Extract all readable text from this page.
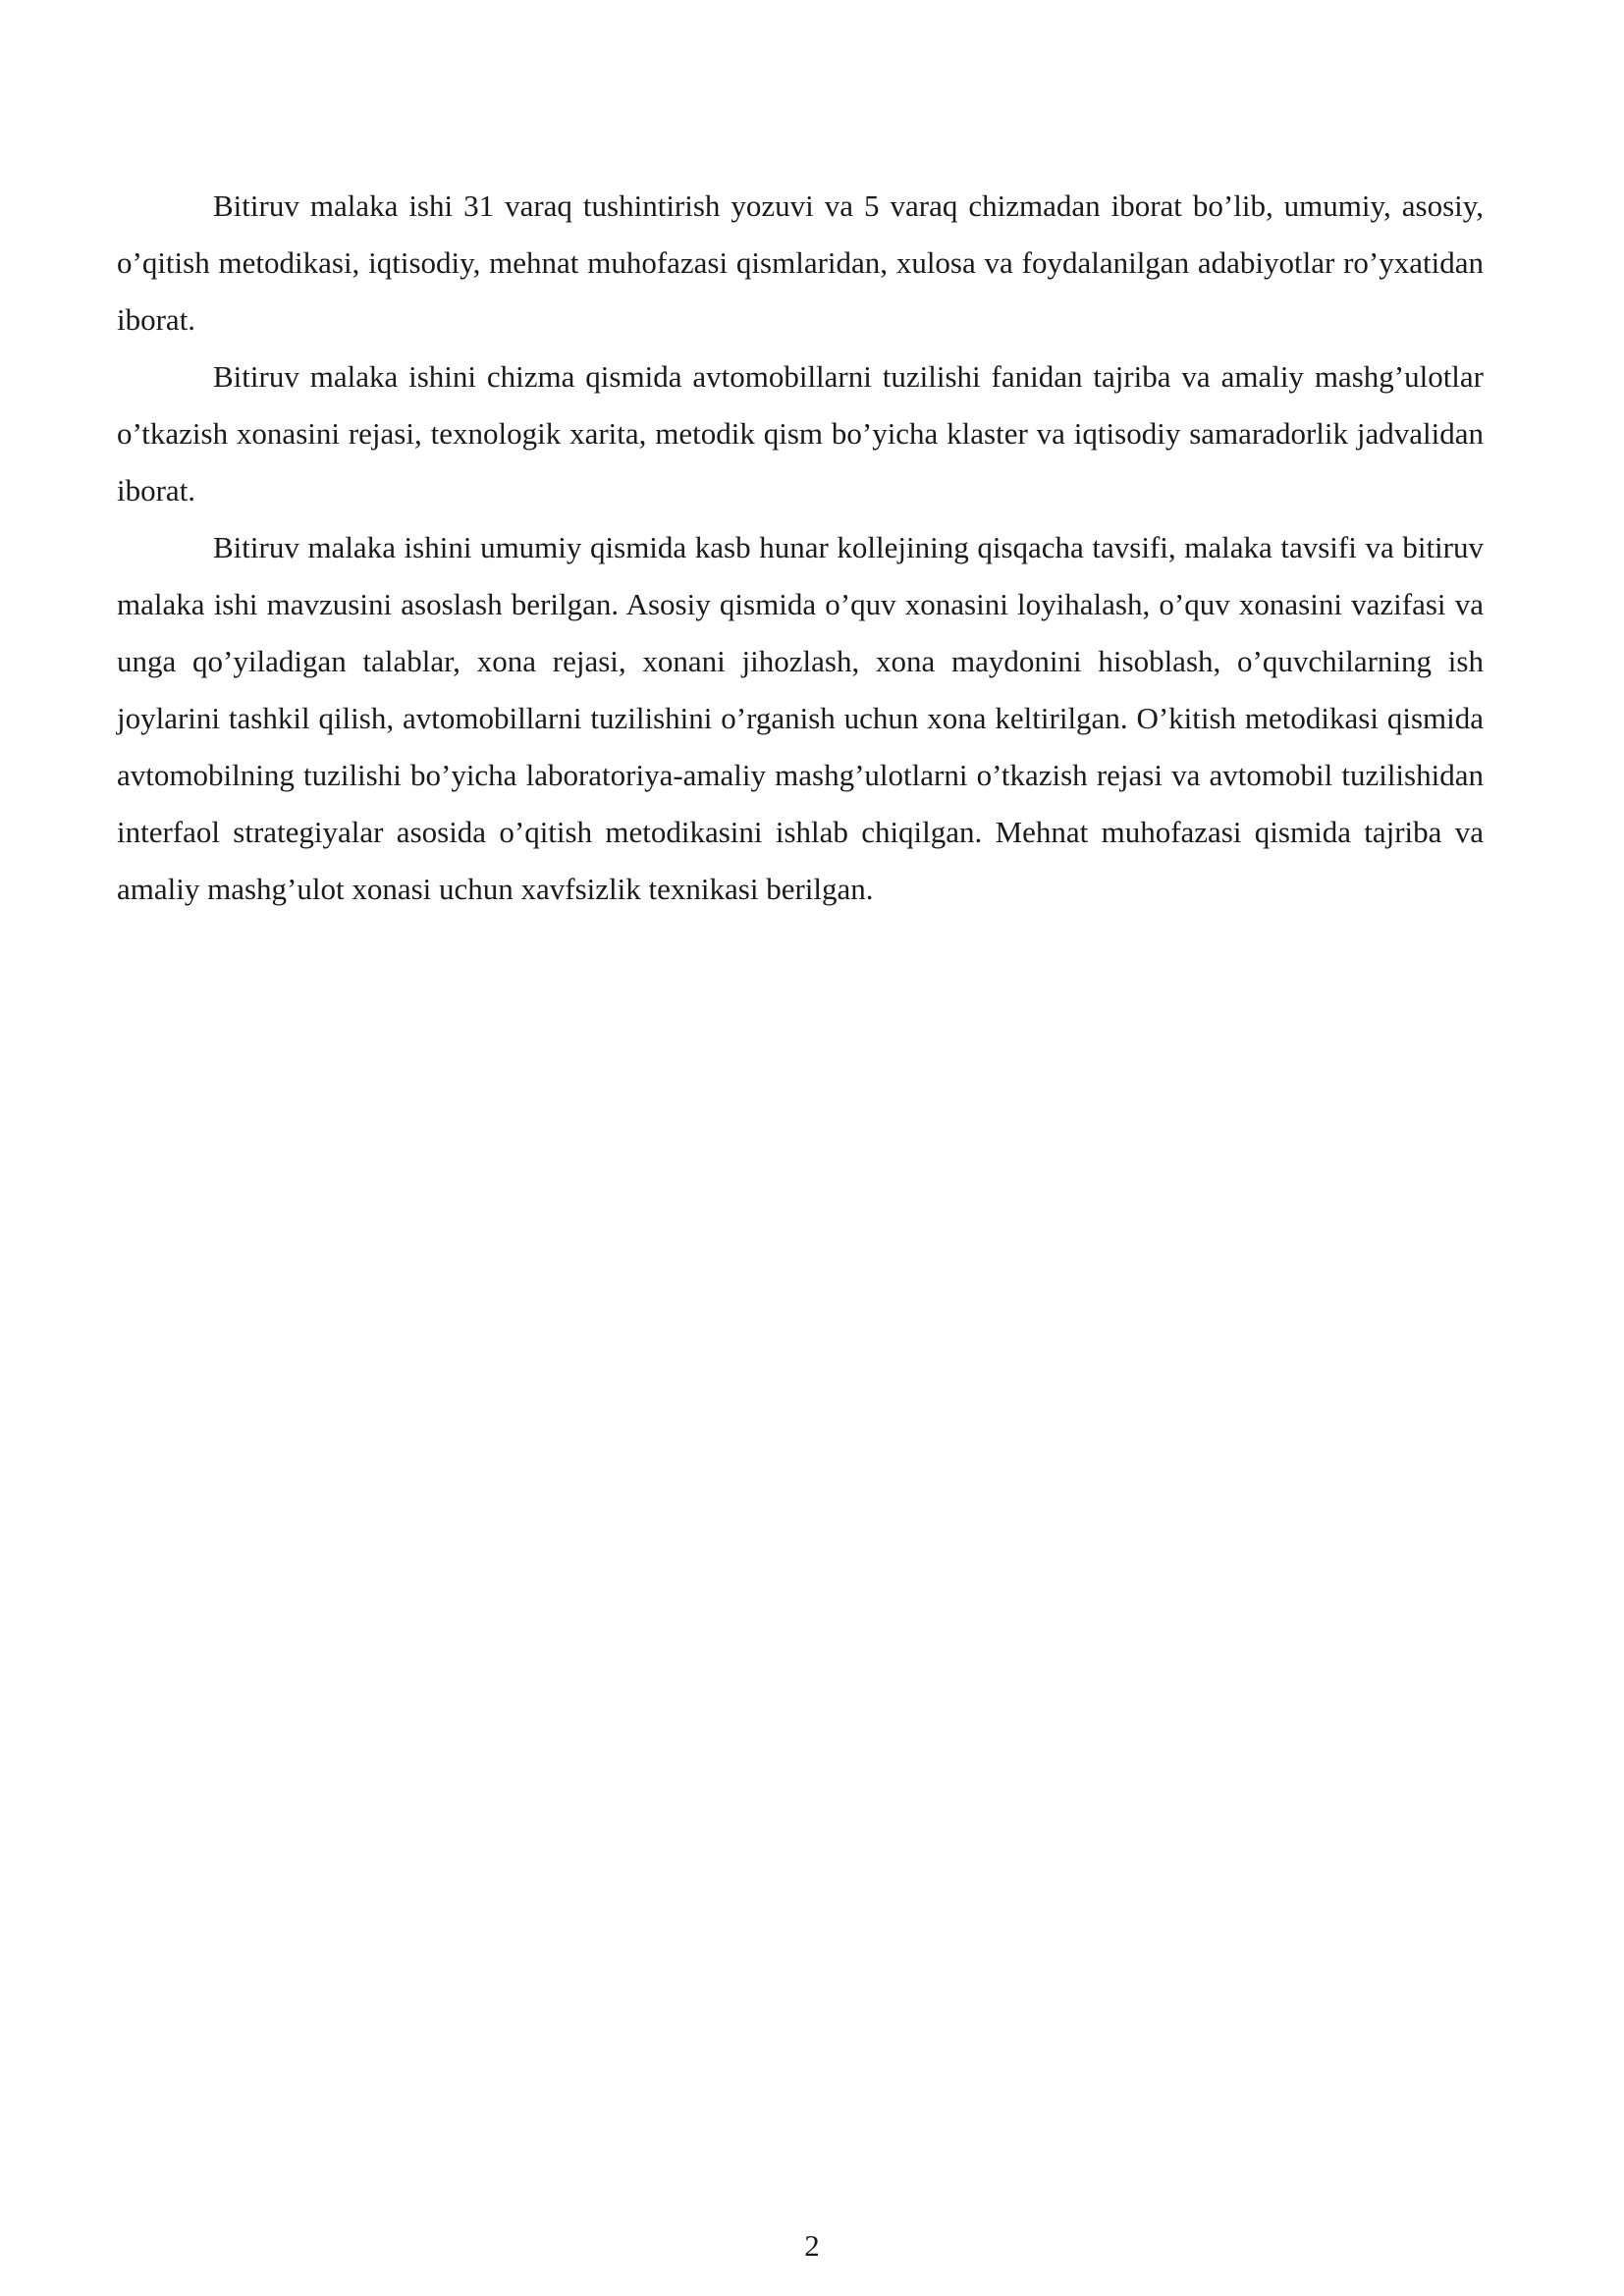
Bitiruv malaka ishi 31 varaq tushintirish yozuvi va 5 varaq chizmadan iborat bo’lib, umumiy, asosiy, o’qitish metodikasi, iqtisodiy, mehnat muhofazasi qismlaridan, xulosa va foydalanilgan adabiyotlar ro’yxatidan iborat.

Bitiruv malaka ishini chizma qismida avtomobillarni tuzilishi fanidan tajriba va amaliy mashg’ulotlar o’tkazish xonasini rejasi, texnologik xarita, metodik qism bo’yicha klaster va iqtisodiy samaradorlik jadvalidan iborat.

Bitiruv malaka ishini umumiy qismida kasb hunar kollejining qisqacha tavsifi, malaka tavsifi va bitiruv malaka ishi mavzusini asoslash berilgan. Asosiy qismida o’quv xonasini loyihalash, o’quv xonasini vazifasi va unga qo’yiladigan talablar, xona rejasi, xonani jihozlash, xona maydonini hisoblash, o’quvchilarning ish joylarini tashkil qilish, avtomobillarni tuzilishini o’rganish uchun xona keltirilgan. O’kitish metodikasi qismida avtomobilning tuzilishi bo’yicha laboratoriya-amaliy mashg’ulotlarni o’tkazish rejasi va avtomobil tuzilishidan interfaol strategiyalar asosida o’qitish metodikasini ishlab chiqilgan. Mehnat muhofazasi qismida tajriba va amaliy mashg’ulot xonasi uchun xavfsizlik texnikasi berilgan.

2
